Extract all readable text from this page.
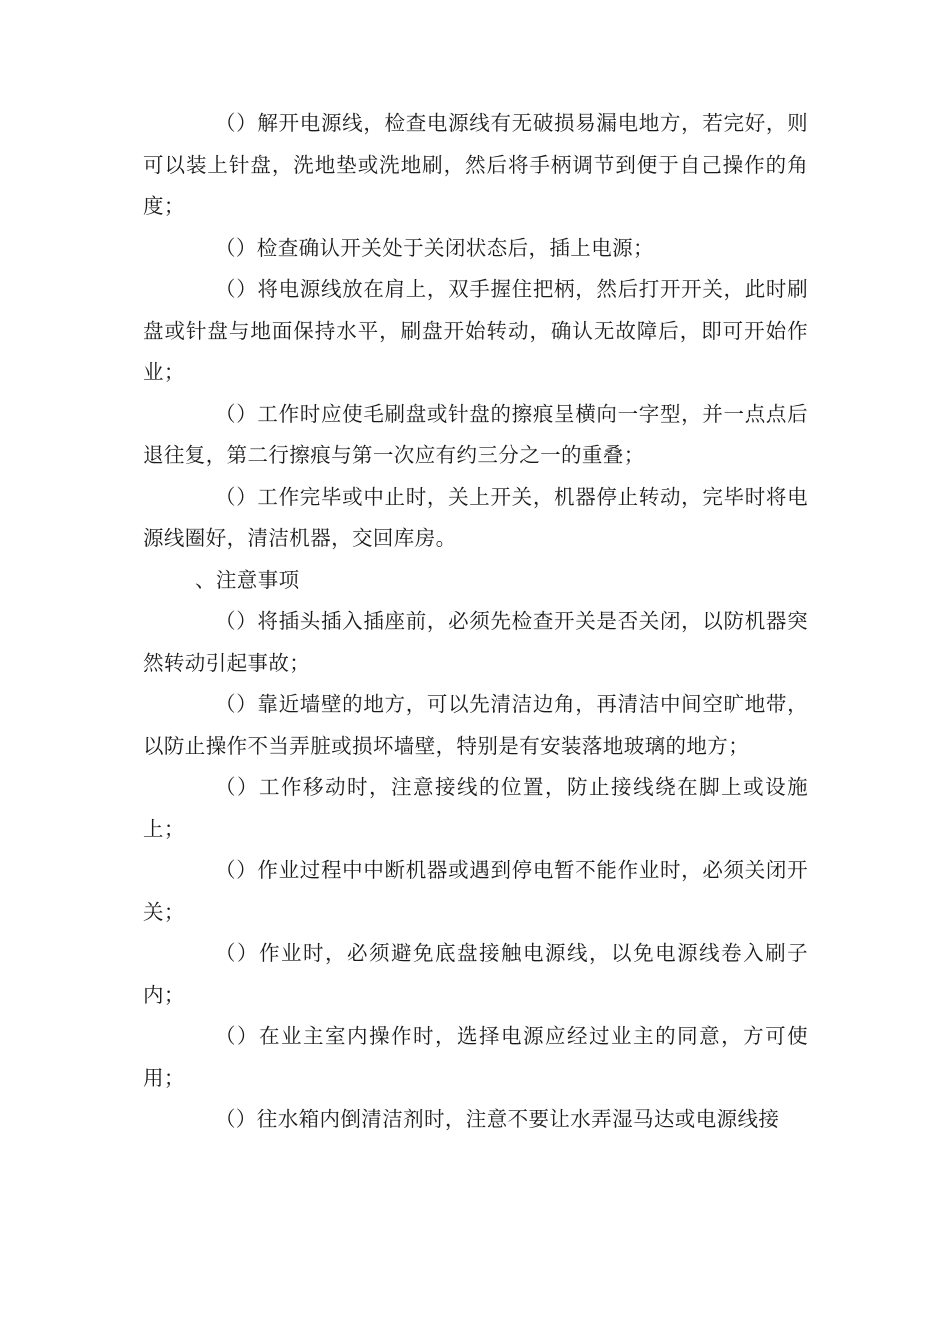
（）解开电源线，检查电源线有无破损易漏电地方，若完好，则可以装上针盘，洗地垫或洗地刷，然后将手柄调节到便于自己操作的角度；

（）检查确认开关处于关闭状态后，插上电源；

（）将电源线放在肩上，双手握住把柄，然后打开开关，此时刷盘或针盘与地面保持水平，刷盘开始转动，确认无故障后，即可开始作业；

（）工作时应使毛刷盘或针盘的擦痕呈横向一字型，并一点点后退往复，第二行擦痕与第一次应有约三分之一的重叠；

（）工作完毕或中止时，关上开关，机器停止转动，完毕时将电源线圈好，清洁机器，交回库房。

、注意事项

（）将插头插入插座前，必须先检查开关是否关闭，以防机器突然转动引起事故；

（）靠近墙壁的地方，可以先清洁边角，再清洁中间空旷地带，以防止操作不当弄脏或损坏墙壁，特别是有安装落地玻璃的地方；

（）工作移动时，注意接线的位置，防止接线绕在脚上或设施上；

（）作业过程中中断机器或遇到停电暂不能作业时，必须关闭开关；

（）作业时，必须避免底盘接触电源线，以免电源线卷入刷子内；

（）在业主室内操作时，选择电源应经过业主的同意，方可使用；

（）往水箱内倒清洁剂时，注意不要让水弄湿马达或电源线接
